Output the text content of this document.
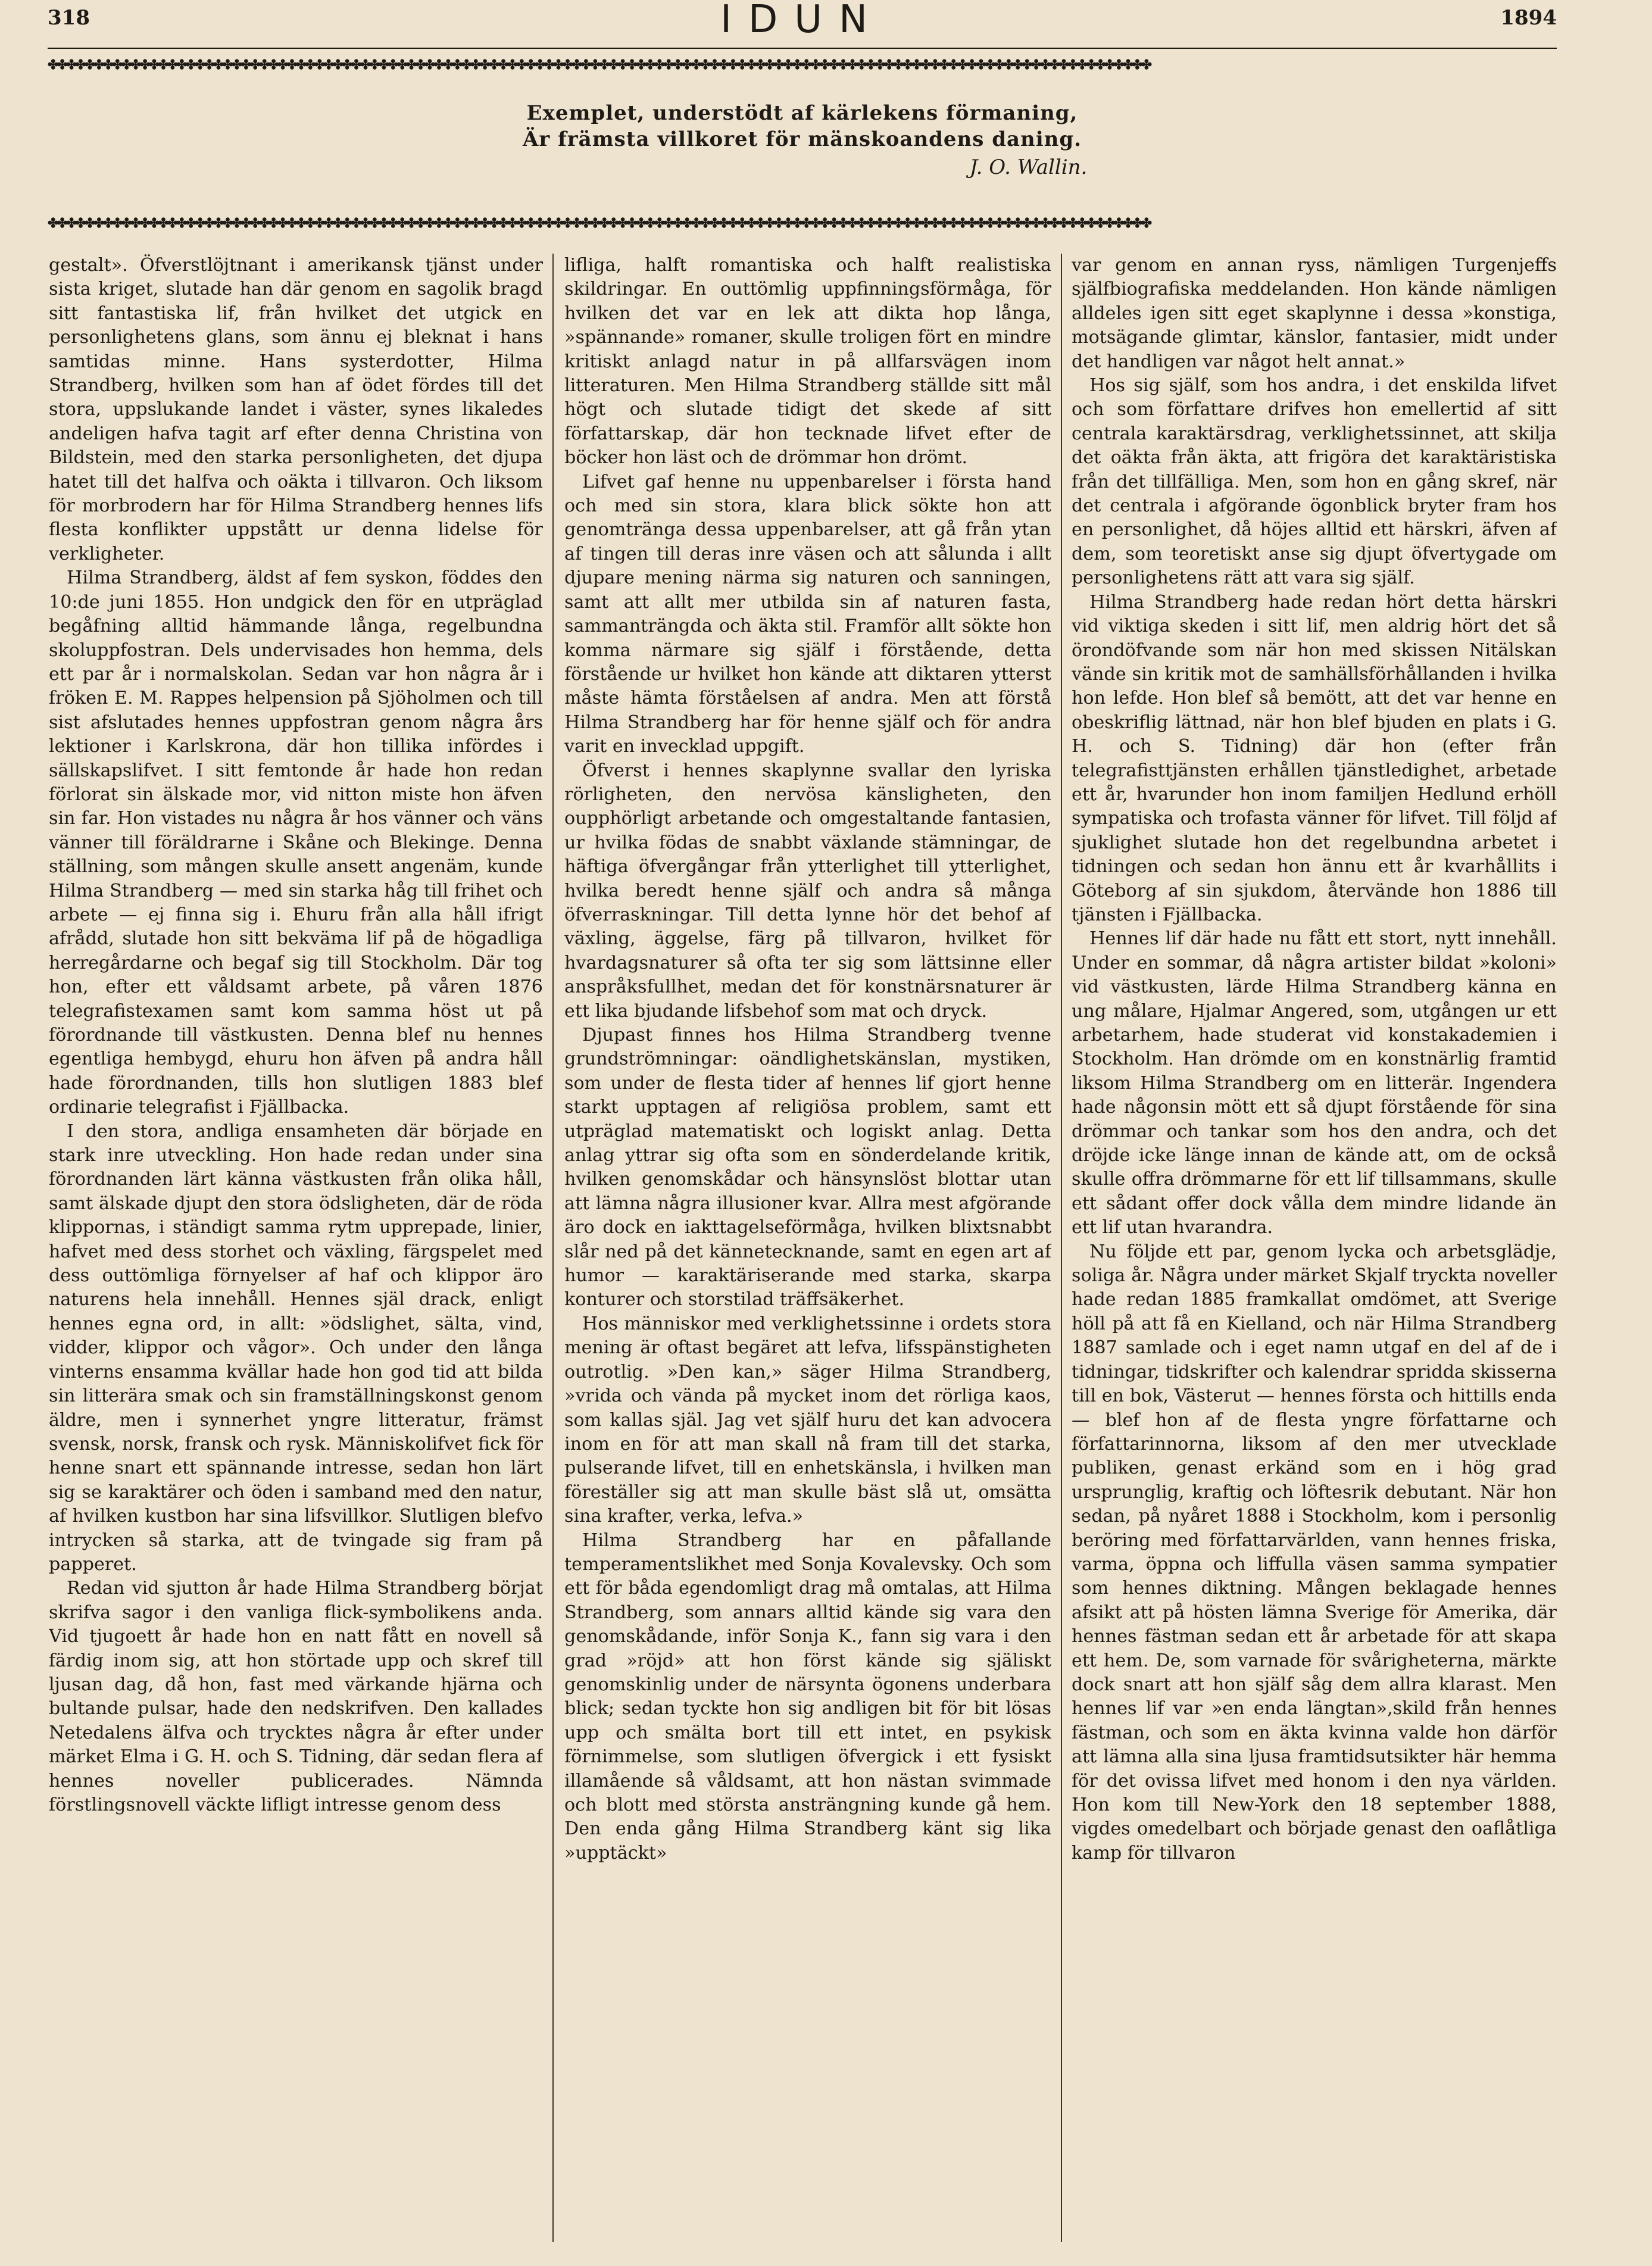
318	IDUN	1894
✤✤✤✤✤✤✤✤✤✤✤✤✤✤✤✤✤✤✤✤✤✤✤✤✤✤✤✤✤✤✤✤✤✤✤✤✤✤✤✤✤✤✤✤✤✤✤✤✤✤✤✤✤✤✤✤✤✤✤✤✤✤✤✤✤✤✤✤✤✤✤✤✤✤✤✤✤✤✤✤✤✤✤✤✤✤✤✤✤✤✤✤✤✤✤✤✤✤✤✤✤✤✤✤✤✤✤✤✤✤✤✤✤✤✤✤✤✤✤✤
Exemplet, understödt af kärlekens förmaning,
Är främsta villkoret för mänskoandens daning.
J. O. Wallin.
✤✤✤✤✤✤✤✤✤✤✤✤✤✤✤✤✤✤✤✤✤✤✤✤✤✤✤✤✤✤✤✤✤✤✤✤✤✤✤✤✤✤✤✤✤✤✤✤✤✤✤✤✤✤✤✤✤✤✤✤✤✤✤✤✤✤✤✤✤✤✤✤✤✤✤✤✤✤✤✤✤✤✤✤✤✤✤✤✤✤✤✤✤✤✤✤✤✤✤✤✤✤✤✤✤✤✤✤✤✤✤✤✤✤✤✤✤✤✤✤

gestalt». Öfverstlöjtnant i amerikansk tjänst under sista kriget, slutade han där genom en sagolik bragd sitt fantastiska lif, från hvilket det utgick en personlighetens glans, som ännu ej bleknat i hans samtidas minne. Hans systerdotter, Hilma Strandberg, hvilken som han af ödet fördes till det stora, uppslukande landet i väster, synes likaledes andeligen hafva tagit arf efter denna Christina von Bildstein, med den starka personligheten, det djupa hatet till det halfva och oäkta i tillvaron. Och liksom för morbrodern har för Hilma Strandberg hennes lifs flesta konflikter uppstått ur denna lidelse för verkligheter.

Hilma Strandberg, äldst af fem syskon, föddes den 10:de juni 1855. Hon undgick den för en utpräglad begåfning alltid hämmande långa, regelbundna skoluppfostran. Dels undervisades hon hemma, dels ett par år i normalskolan. Sedan var hon några år i fröken E. M. Rappes helpension på Sjöholmen och till sist afslutades hennes uppfostran genom några års lektioner i Karlskrona, där hon tillika infördes i sällskapslifvet. I sitt femtonde år hade hon redan förlorat sin älskade mor, vid nitton miste hon äfven sin far. Hon vistades nu några år hos vänner och väns vänner till föräldrarne i Skåne och Blekinge. Denna ställning, som mången skulle ansett angenäm, kunde Hilma Strandberg — med sin starka håg till frihet och arbete — ej finna sig i. Ehuru från alla håll ifrigt afrådd, slutade hon sitt bekväma lif på de högadliga herregårdarne och begaf sig till Stockholm. Där tog hon, efter ett våldsamt arbete, på våren 1876 telegrafistexamen samt kom samma höst ut på förordnande till västkusten. Denna blef nu hennes egentliga hembygd, ehuru hon äfven på andra håll hade förordnanden, tills hon slutligen 1883 blef ordinarie telegrafist i Fjällbacka.

I den stora, andliga ensamheten där började en stark inre utveckling. Hon hade redan under sina förordnanden lärt känna västkusten från olika håll, samt älskade djupt den stora ödsligheten, där de röda klippornas, i ständigt samma rytm upprepade, linier, hafvet med dess storhet och växling, färgspelet med dess outtömliga förnyelser af haf och klippor äro naturens hela innehåll. Hennes själ drack, enligt hennes egna ord, in allt: »ödslighet, sälta, vind, vidder, klippor och vågor». Och under den långa vinterns ensamma kvällar hade hon god tid att bilda sin litterära smak och sin framställningskonst genom äldre, men i synnerhet yngre litteratur, främst svensk, norsk, fransk och rysk. Människolifvet fick för henne snart ett spännande intresse, sedan hon lärt sig se karaktärer och öden i samband med den natur, af hvilken kustbon har sina lifsvillkor. Slutligen blefvo intrycken så starka, att de tvingade sig fram på papperet.

Redan vid sjutton år hade Hilma Strandberg börjat skrifva sagor i den vanliga flick-symbolikens anda. Vid tjugoett år hade hon en natt fått en novell så färdig inom sig, att hon störtade upp och skref till ljusan dag, då hon, fast med värkande hjärna och bultande pulsar, hade den nedskrifven. Den kallades Netedalens älfva och trycktes några år efter under märket Elma i G. H. och S. Tidning, där sedan flera af hennes noveller publicerades. Nämnda förstlingsnovell väckte lifligt intresse genom dess

lifliga, halft romantiska och halft realistiska skildringar. En outtömlig uppfinningsförmåga, för hvilken det var en lek att dikta hop långa, »spännande» romaner, skulle troligen fört en mindre kritiskt anlagd natur in på allfarsvägen inom litteraturen. Men Hilma Strandberg ställde sitt mål högt och slutade tidigt det skede af sitt författarskap, där hon tecknade lifvet efter de böcker hon läst och de drömmar hon drömt.

Lifvet gaf henne nu uppenbarelser i första hand och med sin stora, klara blick sökte hon att genomtränga dessa uppenbarelser, att gå från ytan af tingen till deras inre väsen och att sålunda i allt djupare mening närma sig naturen och sanningen, samt att allt mer utbilda sin af naturen fasta, sammanträngda och äkta stil. Framför allt sökte hon komma närmare sig själf i förstående, detta förstående ur hvilket hon kände att diktaren ytterst måste hämta förståelsen af andra. Men att förstå Hilma Strandberg har för henne själf och för andra varit en invecklad uppgift.

Öfverst i hennes skaplynne svallar den lyriska rörligheten, den nervösa känsligheten, den oupphörligt arbetande och omgestaltande fantasien, ur hvilka födas de snabbt växlande stämningar, de häftiga öfvergångar från ytterlighet till ytterlighet, hvilka beredt henne själf och andra så många öfverraskningar. Till detta lynne hör det behof af växling, äggelse, färg på tillvaron, hvilket för hvardagsnaturer så ofta ter sig som lättsinne eller anspråksfullhet, medan det för konstnärsnaturer är ett lika bjudande lifsbehof som mat och dryck.

Djupast finnes hos Hilma Strandberg tvenne grundströmningar: oändlighetskänslan, mystiken, som under de flesta tider af hennes lif gjort henne starkt upptagen af religiösa problem, samt ett utpräglad matematiskt och logiskt anlag. Detta anlag yttrar sig ofta som en sönderdelande kritik, hvilken genomskådar och hänsynslöst blottar utan att lämna några illusioner kvar. Allra mest afgörande äro dock en iakttagelseförmåga, hvilken blixtsnabbt slår ned på det kännetecknande, samt en egen art af humor — karaktäriserande med starka, skarpa konturer och storstilad träffsäkerhet.

Hos människor med verklighetssinne i ordets stora mening är oftast begäret att lefva, lifsspänstigheten outrotlig. »Den kan,» säger Hilma Strandberg, »vrida och vända på mycket inom det rörliga kaos, som kallas själ. Jag vet själf huru det kan advocera inom en för att man skall nå fram till det starka, pulserande lifvet, till en enhetskänsla, i hvilken man föreställer sig att man skulle bäst slå ut, omsätta sina krafter, verka, lefva.»

Hilma Strandberg har en påfallande temperamentslikhet med Sonja Kovalevsky. Och som ett för båda egendomligt drag må omtalas, att Hilma Strandberg, som annars alltid kände sig vara den genomskådande, inför Sonja K., fann sig vara i den grad »röjd» att hon först kände sig själiskt genomskinlig under de närsynta ögonens underbara blick; sedan tyckte hon sig andligen bit för bit lösas upp och smälta bort till ett intet, en psykisk förnimmelse, som slutligen öfvergick i ett fysiskt illamående så våldsamt, att hon nästan svimmade och blott med största ansträngning kunde gå hem. Den enda gång Hilma Strandberg känt sig lika »upptäckt»

var genom en annan ryss, nämligen Turgenjeffs själfbiografiska meddelanden. Hon kände nämligen alldeles igen sitt eget skaplynne i dessa »konstiga, motsägande glimtar, känslor, fantasier, midt under det handligen var något helt annat.»

Hos sig själf, som hos andra, i det enskilda lifvet och som författare drifves hon emellertid af sitt centrala karaktärsdrag, verklighetssinnet, att skilja det oäkta från äkta, att frigöra det karaktäristiska från det tillfälliga. Men, som hon en gång skref, när det centrala i afgörande ögonblick bryter fram hos en personlighet, då höjes alltid ett härskri, äfven af dem, som teoretiskt anse sig djupt öfvertygade om personlighetens rätt att vara sig själf.

Hilma Strandberg hade redan hört detta härskri vid viktiga skeden i sitt lif, men aldrig hört det så örondöfvande som när hon med skissen Nitälskan vände sin kritik mot de samhällsförhållanden i hvilka hon lefde. Hon blef så bemött, att det var henne en obeskriflig lättnad, när hon blef bjuden en plats i G. H. och S. Tidning) där hon (efter från telegrafisttjänsten erhållen tjänstledighet, arbetade ett år, hvarunder hon inom familjen Hedlund erhöll sympatiska och trofasta vänner för lifvet. Till följd af sjuklighet slutade hon det regelbundna arbetet i tidningen och sedan hon ännu ett år kvarhållits i Göteborg af sin sjukdom, återvände hon 1886 till tjänsten i Fjällbacka.

Hennes lif där hade nu fått ett stort, nytt innehåll. Under en sommar, då några artister bildat »koloni» vid västkusten, lärde Hilma Strandberg känna en ung målare, Hjalmar Angered, som, utgången ur ett arbetarhem, hade studerat vid konstakademien i Stockholm. Han drömde om en konstnärlig framtid liksom Hilma Strandberg om en litterär. Ingendera hade någonsin mött ett så djupt förstående för sina drömmar och tankar som hos den andra, och det dröjde icke länge innan de kände att, om de också skulle offra drömmarne för ett lif tillsammans, skulle ett sådant offer dock vålla dem mindre lidande än ett lif utan hvarandra.

Nu följde ett par, genom lycka och arbetsglädje, soliga år. Några under märket Skjalf tryckta noveller hade redan 1885 framkallat omdömet, att Sverige höll på att få en Kielland, och när Hilma Strandberg 1887 samlade och i eget namn utgaf en del af de i tidningar, tidskrifter och kalendrar spridda skisserna till en bok, Västerut — hennes första och hittills enda — blef hon af de flesta yngre författarne och författarinnorna, liksom af den mer utvecklade publiken, genast erkänd som en i hög grad ursprunglig, kraftig och löftesrik debutant. När hon sedan, på nyåret 1888 i Stockholm, kom i personlig beröring med författarvärlden, vann hennes friska, varma, öppna och liffulla väsen samma sympatier som hennes diktning. Mången beklagade hennes afsikt att på hösten lämna Sverige för Amerika, där hennes fästman sedan ett år arbetade för att skapa ett hem. De, som varnade för svårigheterna, märkte dock snart att hon själf såg dem allra klarast. Men hennes lif var »en enda längtan»,skild från hennes fästman, och som en äkta kvinna valde hon därför att lämna alla sina ljusa framtidsutsikter här hemma för det ovissa lifvet med honom i den nya världen. Hon kom till New-York den 18 september 1888, vigdes omedelbart och började genast den oaflåtliga kamp för tillvaron
